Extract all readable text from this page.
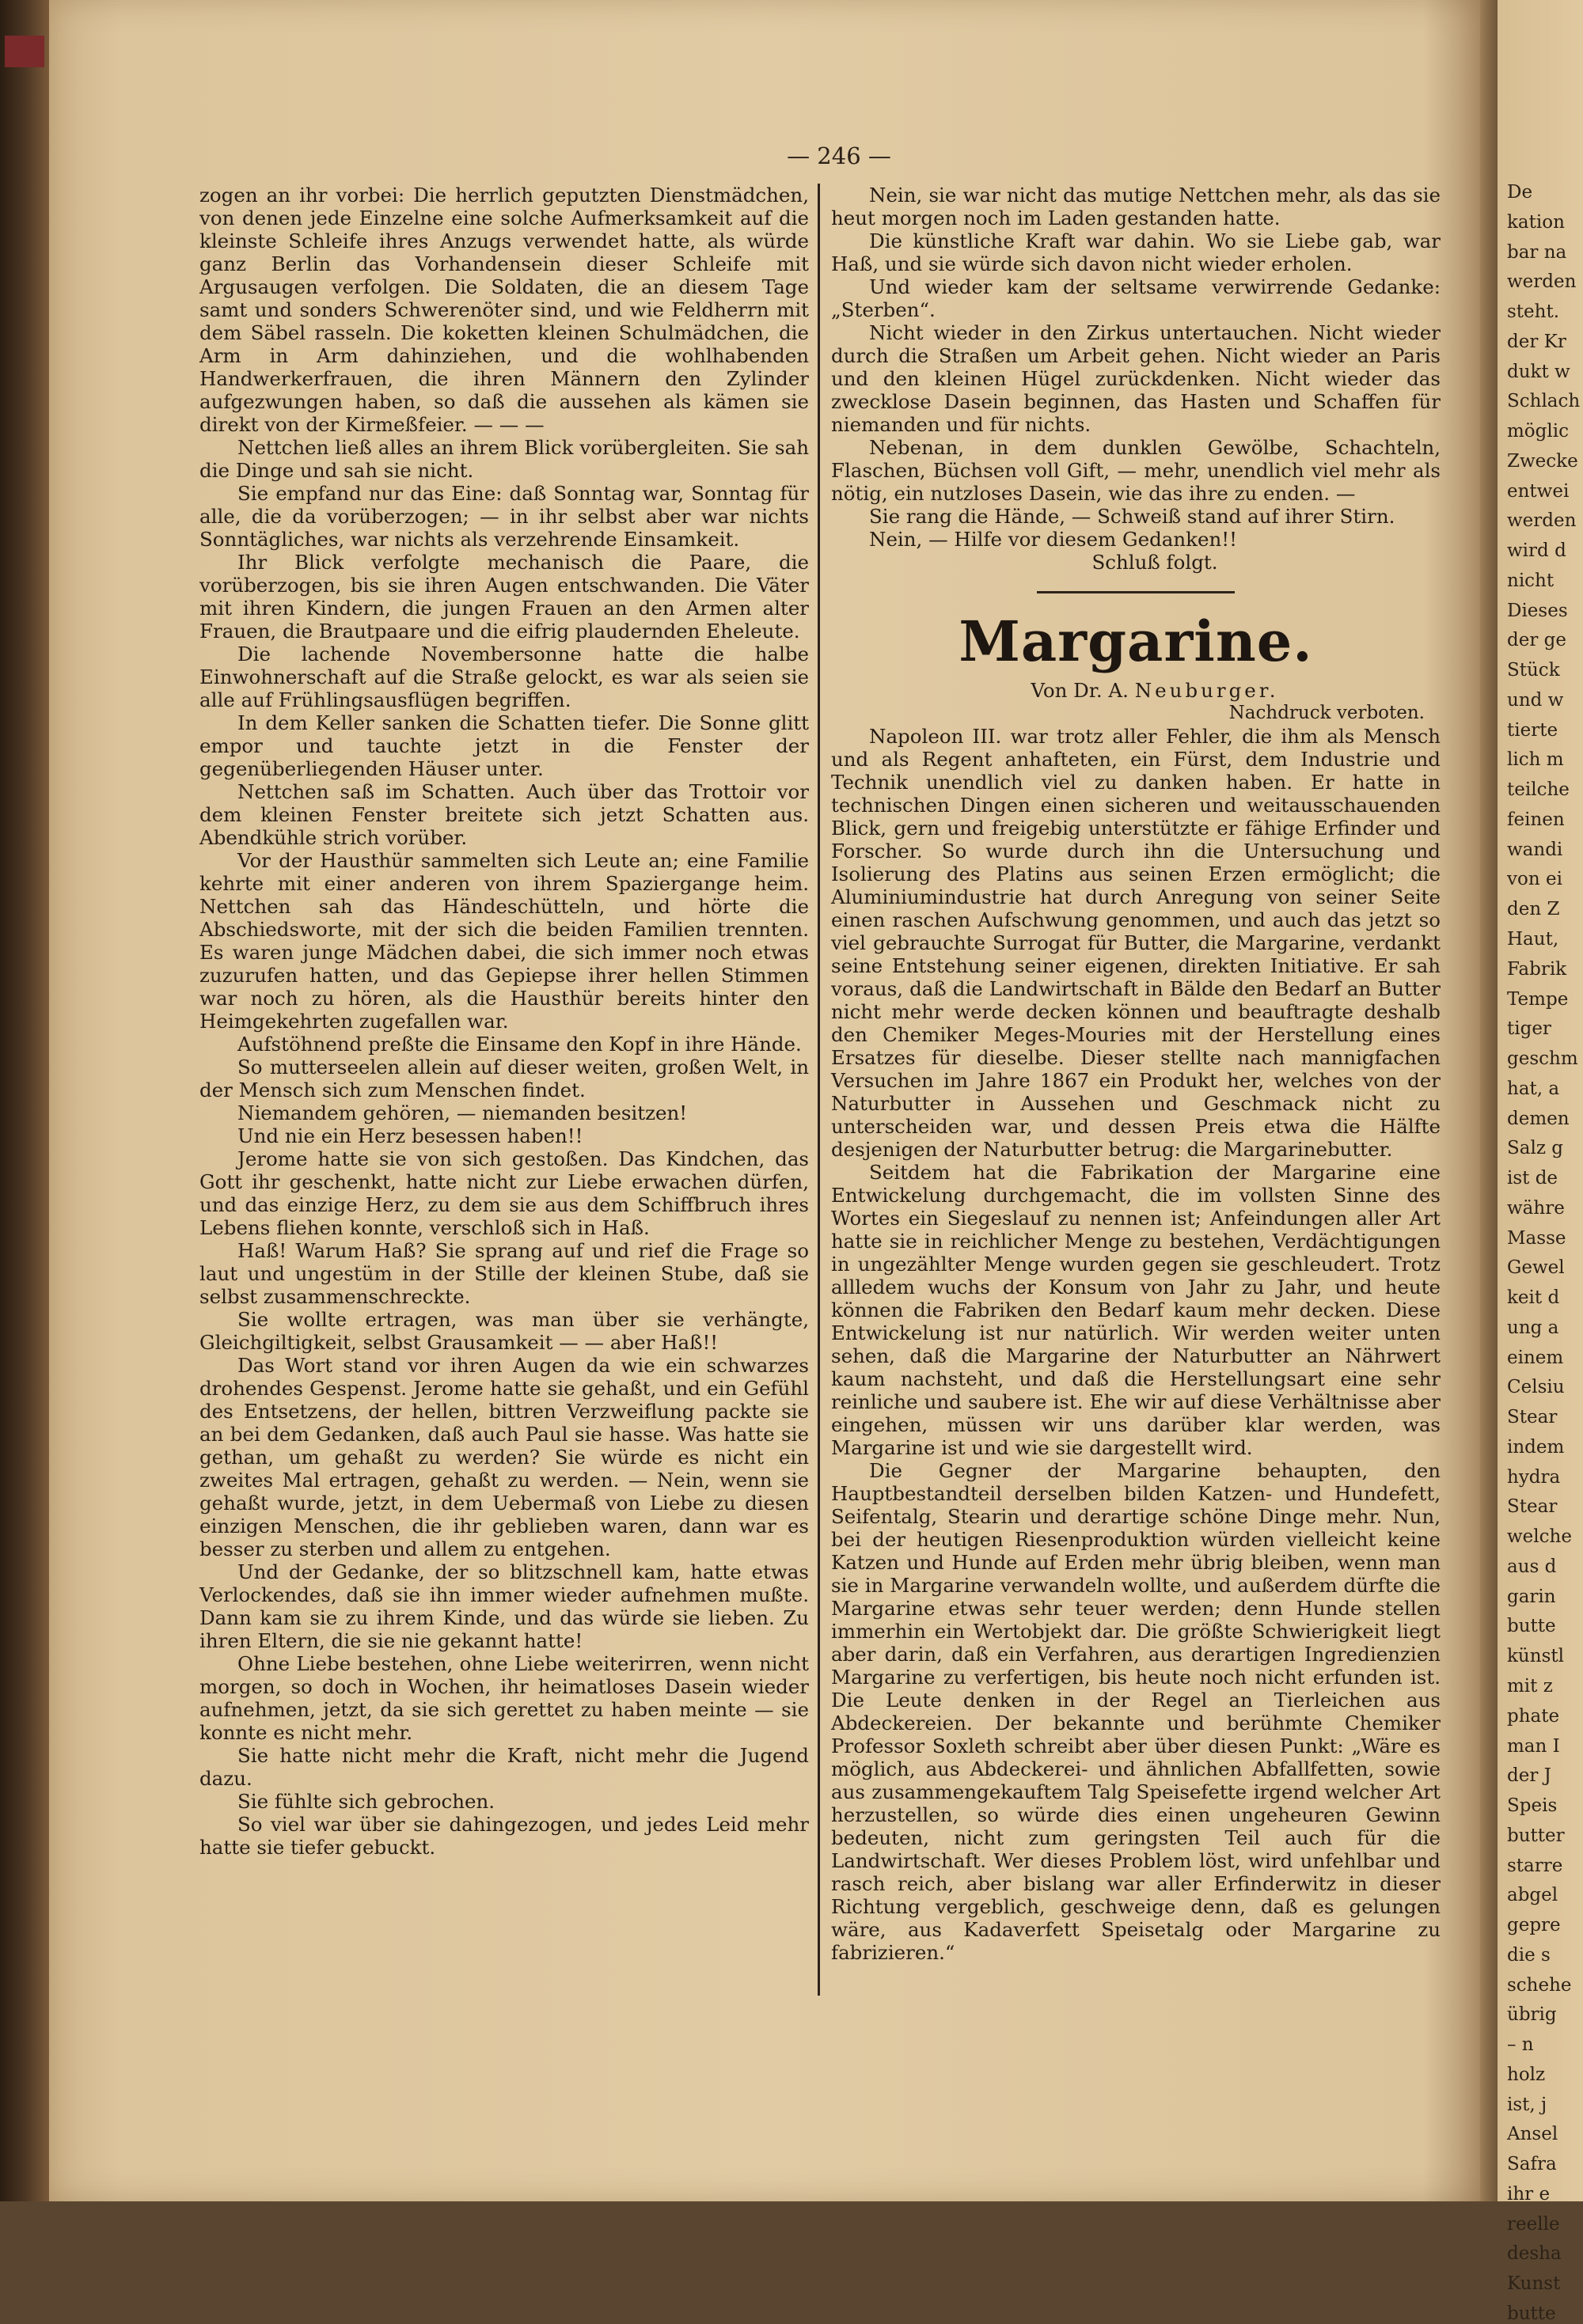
De
kation
bar na
werden
steht.
der Kr
dukt w
Schlach
möglic
Zwecke
entwei
werden
wird d
nicht
Dieses
der ge
Stück
und w
tierte
lich m
teilche
feinen
wandi
von ei
den Z
Haut,
Fabrik
Tempe
tiger
geschm
hat, a
demen
Salz g
ist de
währe
Masse
Gewel
keit d
ung a
einem
Celsiu
Stear
indem
hydra
Stear
welche
aus d
garin
butte
künstl
mit z
phate
man I
der J
Speis
butter
starre
abgel
gepre
die s
schehe
übrig
– n
holz
ist, j
Ansel
Safra
ihr e
reelle
desha
Kunst
butte
— 246 —

zogen an ihr vorbei: Die herrlich geputzten Dienstmädchen, von denen jede Einzelne eine solche Aufmerksamkeit auf die kleinste Schleife ihres Anzugs verwendet hatte, als würde ganz Berlin das Vorhandensein dieser Schleife mit Argusaugen verfolgen. Die Soldaten, die an diesem Tage samt und sonders Schwerenöter sind, und wie Feldherrn mit dem Säbel rasseln. Die koketten kleinen Schulmädchen, die Arm in Arm dahinziehen, und die wohlhabenden Handwerkerfrauen, die ihren Männern den Zylinder aufgezwungen haben, so daß die aussehen als kämen sie direkt von der Kirmeßfeier. — — —

Nettchen ließ alles an ihrem Blick vorübergleiten. Sie sah die Dinge und sah sie nicht.

Sie empfand nur das Eine: daß Sonntag war, Sonntag für alle, die da vorüberzogen; — in ihr selbst aber war nichts Sonntägliches, war nichts als verzehrende Einsamkeit.

Ihr Blick verfolgte mechanisch die Paare, die vorüberzogen, bis sie ihren Augen entschwanden. Die Väter mit ihren Kindern, die jungen Frauen an den Armen alter Frauen, die Brautpaare und die eifrig plaudernden Eheleute.

Die lachende Novembersonne hatte die halbe Einwohnerschaft auf die Straße gelockt, es war als seien sie alle auf Frühlingsausflügen begriffen.

In dem Keller sanken die Schatten tiefer. Die Sonne glitt empor und tauchte jetzt in die Fenster der gegenüberliegenden Häuser unter.

Nettchen saß im Schatten. Auch über das Trottoir vor dem kleinen Fenster breitete sich jetzt Schatten aus. Abendkühle strich vorüber.

Vor der Hausthür sammelten sich Leute an; eine Familie kehrte mit einer anderen von ihrem Spaziergange heim. Nettchen sah das Händeschütteln, und hörte die Abschiedsworte, mit der sich die beiden Familien trennten. Es waren junge Mädchen dabei, die sich immer noch etwas zuzurufen hatten, und das Gepiepse ihrer hellen Stimmen war noch zu hören, als die Hausthür bereits hinter den Heimgekehrten zugefallen war.

Aufstöhnend preßte die Einsame den Kopf in ihre Hände.

So mutterseelen allein auf dieser weiten, großen Welt, in der Mensch sich zum Menschen findet.

Niemandem gehören, — niemanden besitzen!

Und nie ein Herz besessen haben!!

Jerome hatte sie von sich gestoßen. Das Kindchen, das Gott ihr geschenkt, hatte nicht zur Liebe erwachen dürfen, und das einzige Herz, zu dem sie aus dem Schiffbruch ihres Lebens fliehen konnte, verschloß sich in Haß.

Haß! Warum Haß? Sie sprang auf und rief die Frage so laut und ungestüm in der Stille der kleinen Stube, daß sie selbst zusammenschreckte.

Sie wollte ertragen, was man über sie verhängte, Gleichgiltigkeit, selbst Grausamkeit — — aber Haß!!

Das Wort stand vor ihren Augen da wie ein schwarzes drohendes Gespenst. Jerome hatte sie gehaßt, und ein Gefühl des Entsetzens, der hellen, bittren Verzweiflung packte sie an bei dem Gedanken, daß auch Paul sie hasse. Was hatte sie gethan, um gehaßt zu werden? Sie würde es nicht ein zweites Mal ertragen, gehaßt zu werden. — Nein, wenn sie gehaßt wurde, jetzt, in dem Uebermaß von Liebe zu diesen einzigen Menschen, die ihr geblieben waren, dann war es besser zu sterben und allem zu entgehen.

Und der Gedanke, der so blitzschnell kam, hatte etwas Verlockendes, daß sie ihn immer wieder aufnehmen mußte. Dann kam sie zu ihrem Kinde, und das würde sie lieben. Zu ihren Eltern, die sie nie gekannt hatte!

Ohne Liebe bestehen, ohne Liebe weiterirren, wenn nicht morgen, so doch in Wochen, ihr heimatloses Dasein wieder aufnehmen, jetzt, da sie sich gerettet zu haben meinte — sie konnte es nicht mehr.

Sie hatte nicht mehr die Kraft, nicht mehr die Jugend dazu.

Sie fühlte sich gebrochen.

So viel war über sie dahingezogen, und jedes Leid mehr hatte sie tiefer gebuckt.

Nein, sie war nicht das mutige Nettchen mehr, als das sie heut morgen noch im Laden gestanden hatte.

Die künstliche Kraft war dahin. Wo sie Liebe gab, war Haß, und sie würde sich davon nicht wieder erholen.

Und wieder kam der seltsame verwirrende Gedanke: „Sterben“.

Nicht wieder in den Zirkus untertauchen. Nicht wieder durch die Straßen um Arbeit gehen. Nicht wieder an Paris und den kleinen Hügel zurückdenken. Nicht wieder das zwecklose Dasein beginnen, das Hasten und Schaffen für niemanden und für nichts.

Nebenan, in dem dunklen Gewölbe, Schachteln, Flaschen, Büchsen voll Gift, — mehr, unendlich viel mehr als nötig, ein nutzloses Dasein, wie das ihre zu enden. —

Sie rang die Hände, — Schweiß stand auf ihrer Stirn.

Nein, — Hilfe vor diesem Gedanken!!

Schluß folgt.

Margarine.

Von Dr. A. Neuburger.

Nachdruck verboten.

Napoleon III. war trotz aller Fehler, die ihm als Mensch und als Regent anhafteten, ein Fürst, dem Industrie und Technik unendlich viel zu danken haben. Er hatte in technischen Dingen einen sicheren und weitausschauenden Blick, gern und freigebig unterstützte er fähige Erfinder und Forscher. So wurde durch ihn die Untersuchung und Isolierung des Platins aus seinen Erzen ermöglicht; die Aluminiumindustrie hat durch Anregung von seiner Seite einen raschen Aufschwung genommen, und auch das jetzt so viel gebrauchte Surrogat für Butter, die Margarine, verdankt seine Entstehung seiner eigenen, direkten Initiative. Er sah voraus, daß die Landwirtschaft in Bälde den Bedarf an Butter nicht mehr werde decken können und beauftragte deshalb den Chemiker Meges-Mouries mit der Herstellung eines Ersatzes für dieselbe. Dieser stellte nach mannigfachen Versuchen im Jahre 1867 ein Produkt her, welches von der Naturbutter in Aussehen und Geschmack nicht zu unterscheiden war, und dessen Preis etwa die Hälfte desjenigen der Naturbutter betrug: die Margarinebutter.

Seitdem hat die Fabrikation der Margarine eine Entwickelung durchgemacht, die im vollsten Sinne des Wortes ein Siegeslauf zu nennen ist; Anfeindungen aller Art hatte sie in reichlicher Menge zu bestehen, Verdächtigungen in ungezählter Menge wurden gegen sie geschleudert. Trotz allledem wuchs der Konsum von Jahr zu Jahr, und heute können die Fabriken den Bedarf kaum mehr decken. Diese Entwickelung ist nur natürlich. Wir werden weiter unten sehen, daß die Margarine der Naturbutter an Nährwert kaum nachsteht, und daß die Herstellungsart eine sehr reinliche und saubere ist. Ehe wir auf diese Verhältnisse aber eingehen, müssen wir uns darüber klar werden, was Margarine ist und wie sie dargestellt wird.

Die Gegner der Margarine behaupten, den Hauptbestandteil derselben bilden Katzen- und Hundefett, Seifentalg, Stearin und derartige schöne Dinge mehr. Nun, bei der heutigen Riesenproduktion würden vielleicht keine Katzen und Hunde auf Erden mehr übrig bleiben, wenn man sie in Margarine verwandeln wollte, und außerdem dürfte die Margarine etwas sehr teuer werden; denn Hunde stellen immerhin ein Wertobjekt dar. Die größte Schwierigkeit liegt aber darin, daß ein Verfahren, aus derartigen Ingredienzien Margarine zu verfertigen, bis heute noch nicht erfunden ist. Die Leute denken in der Regel an Tierleichen aus Abdeckereien. Der bekannte und berühmte Chemiker Professor Soxleth schreibt aber über diesen Punkt: „Wäre es möglich, aus Abdeckerei- und ähnlichen Abfallfetten, sowie aus zusammengekauftem Talg Speisefette irgend welcher Art herzustellen, so würde dies einen ungeheuren Gewinn bedeuten, nicht zum geringsten Teil auch für die Landwirtschaft. Wer dieses Problem löst, wird unfehlbar und rasch reich, aber bislang war aller Erfinderwitz in dieser Richtung vergeblich, geschweige denn, daß es gelungen wäre, aus Kadaverfett Speisetalg oder Margarine zu fabrizieren.“
